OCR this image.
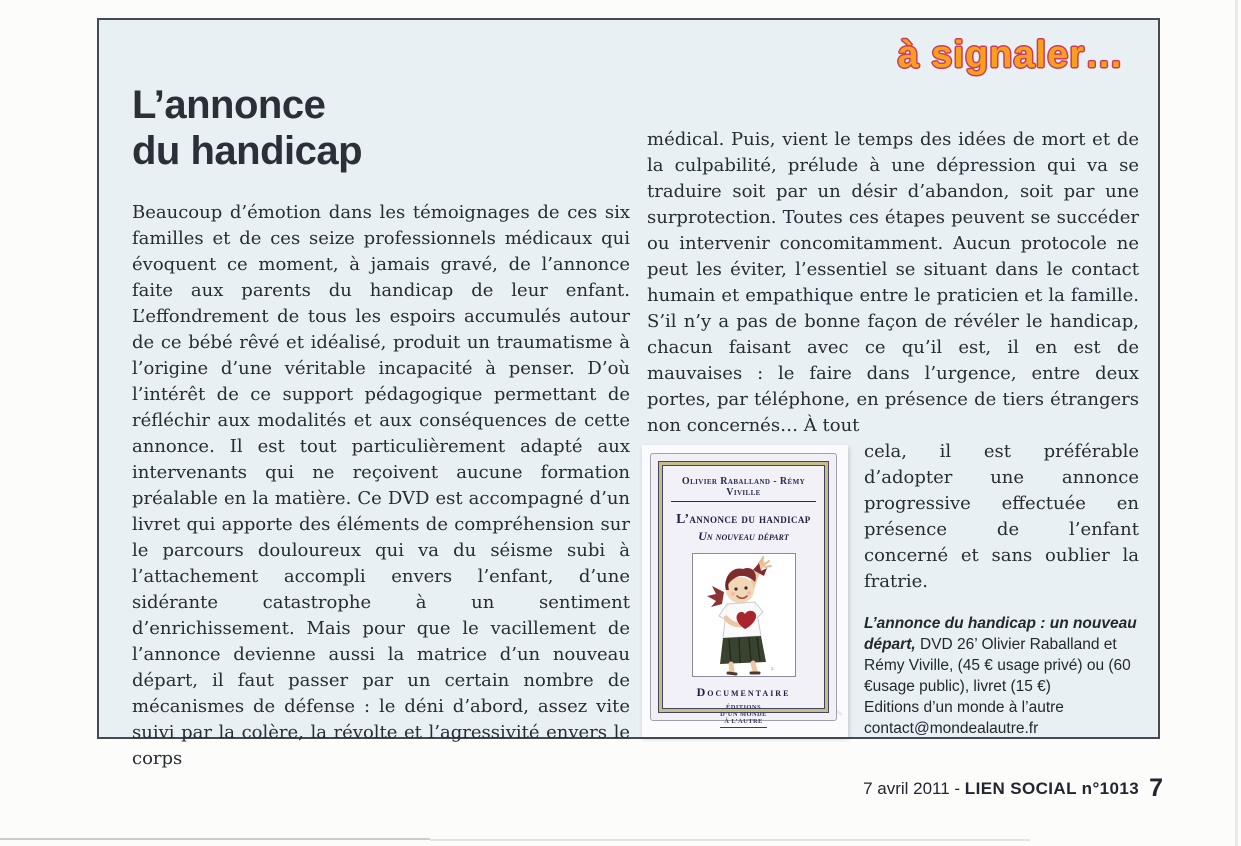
à signaler…
L’annonce
du handicap

Beaucoup d’émotion dans les témoignages de ces six familles et de ces seize professionnels médicaux qui évoquent ce moment, à jamais gravé, de l’annonce faite aux parents du handicap de leur enfant. L’effondrement de tous les espoirs accumulés autour de ce bébé rêvé et idéalisé, produit un traumatisme à l’origine d’une véritable incapacité à penser. D’où l’intérêt de ce support pédagogique permettant de réfléchir aux modalités et aux conséquences de cette annonce. Il est tout particulièrement adapté aux intervenants qui ne reçoivent aucune formation préalable en la matière. Ce DVD est accompagné d’un livret qui apporte des éléments de compréhension sur le parcours douloureux qui va du séisme subi à l’attachement accompli envers l’enfant, d’une sidérante catastrophe à un sentiment d’enrichissement. Mais pour que le vacillement de l’annonce devienne aussi la matrice d’un nouveau départ, il faut passer par un certain nombre de mécanismes de défense : le déni d’abord, assez vite suivi par la colère, la révolte et l’agressivité envers le corps

médical. Puis, vient le temps des idées de mort et de la culpabilité, prélude à une dépression qui va se traduire soit par un désir d’abandon, soit par une surprotection. Toutes ces étapes peuvent se succéder ou intervenir concomitamment. Aucun protocole ne peut les éviter, l’essentiel se situant dans le contact humain et empathique entre le praticien et la famille. S’il n’y a pas de bonne façon de révéler le handicap, chacun faisant avec ce qu’il est, il en est de mauvaises : le faire dans l’urgence, entre deux portes, par téléphone, en présence de tiers étrangers non concernés… À tout

Olivier Raballand - Rémy Viville
L’annonce du handicap
Un nouveau départ
s.
Documentaire
ÉDITIONS
D’UN MONDE
À L’AUTRE

cela, il est préférable d’adopter une annonce progressive effectuée en présence de l’enfant concerné et sans oublier la fratrie.

L’annonce du handicap : un nouveau départ, DVD 26’ Olivier Raballand et Rémy Viville, (45 € usage privé) ou (60 €usage public), livret (15 €)
Editions d’un monde à l’autre
contact@mondealautre.fr
7 avril 2011 - LIEN SOCIAL n°1013 7
